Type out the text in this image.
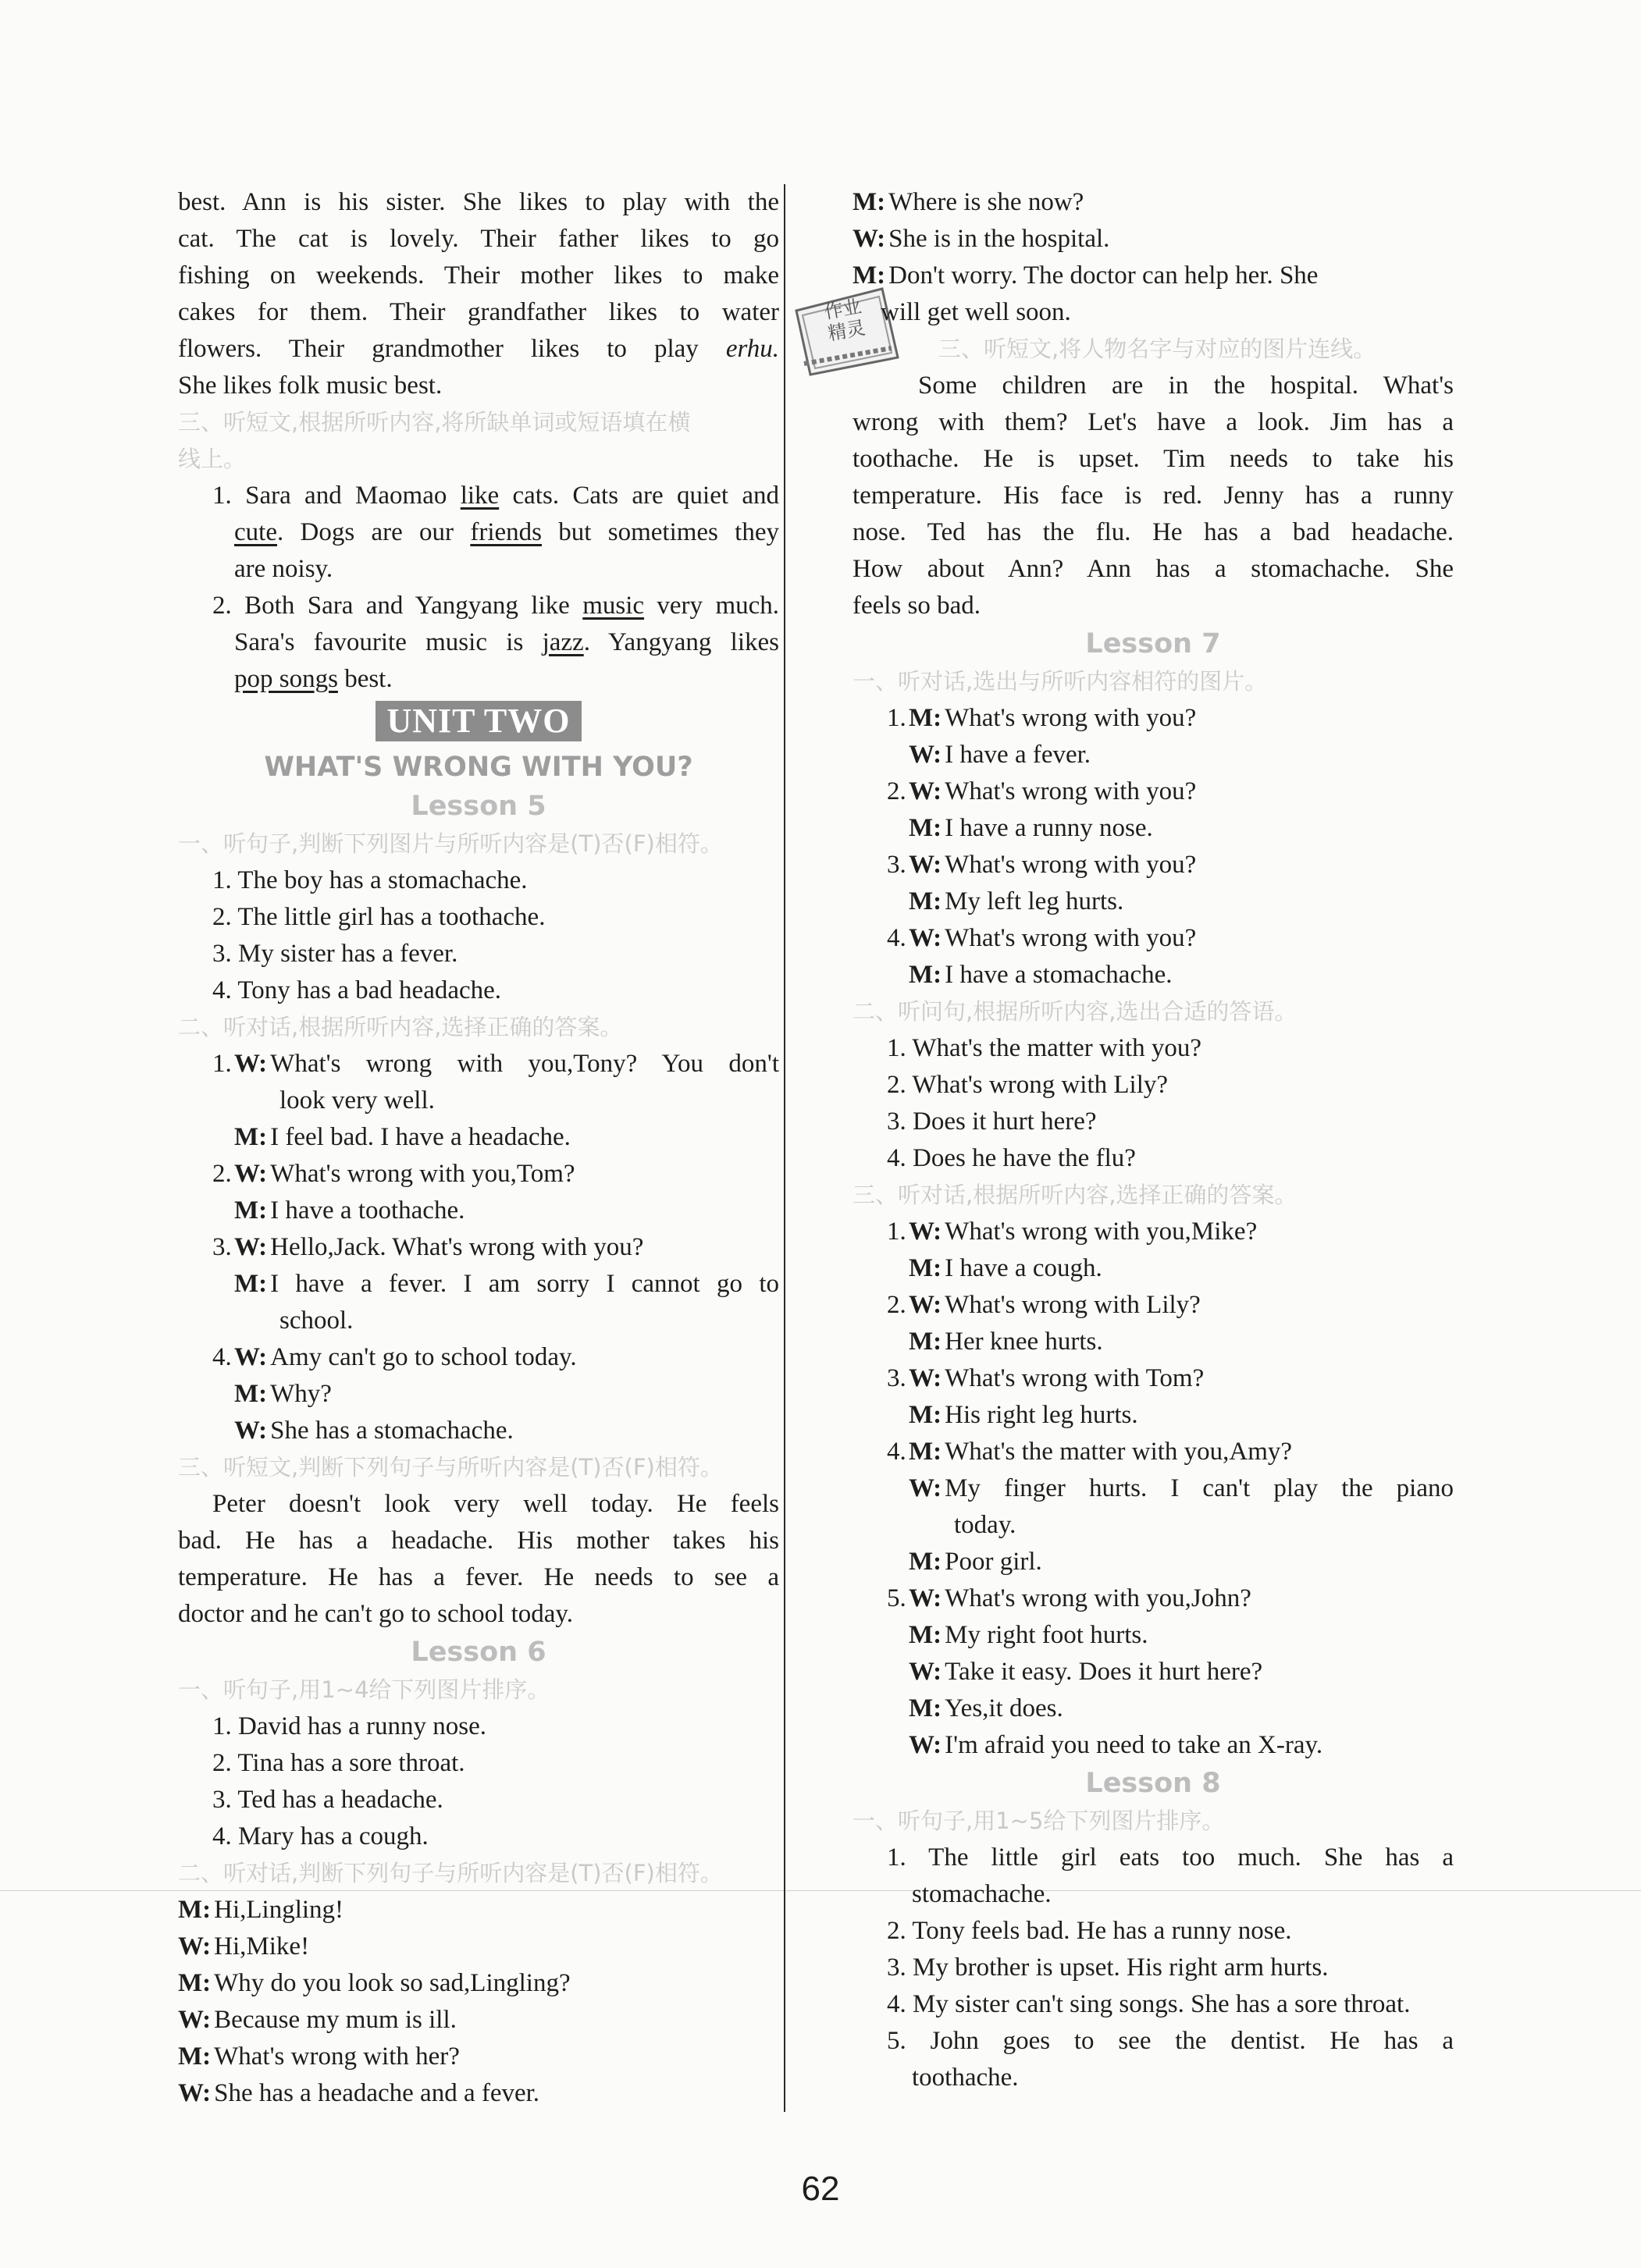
best. Ann is his sister. She likes to play with the
cat. The cat is lovely. Their father likes to go
fishing on weekends. Their mother likes to make
cakes for them. Their grandfather likes to water
flowers. Their grandmother likes to play erhu.
She likes folk music best.
三、听短文,根据所听内容,将所缺单词或短语填在横
线上。
1. Sara and Maomao like cats. Cats are quiet and
cute. Dogs are our friends but sometimes they
are noisy.
2. Both Sara and Yangyang like music very much.
Sara's favourite music is jazz. Yangyang likes
pop songs best.
UNIT TWO
WHAT'S WRONG WITH YOU?
Lesson 5
一、听句子,判断下列图片与所听内容是(T)否(F)相符。
1. The boy has a stomachache.
2. The little girl has a toothache.
3. My sister has a fever.
4. Tony has a bad headache.
二、听对话,根据所听内容,选择正确的答案。
1.W: What's wrong with you,Tony? You don't
look very well.
M: I feel bad. I have a headache.
2.W: What's wrong with you,Tom?
M: I have a toothache.
3.W: Hello,Jack. What's wrong with you?
M: I have a fever. I am sorry I cannot go to
school.
4.W: Amy can't go to school today.
M: Why?
W: She has a stomachache.
三、听短文,判断下列句子与所听内容是(T)否(F)相符。
Peter doesn't look very well today. He feels
bad. He has a headache. His mother takes his
temperature. He has a fever. He needs to see a
doctor and he can't go to school today.
Lesson 6
一、听句子,用1~4给下列图片排序。
1. David has a runny nose.
2. Tina has a sore throat.
3. Ted has a headache.
4. Mary has a cough.
二、听对话,判断下列句子与所听内容是(T)否(F)相符。
M: Hi,Lingling!
W: Hi,Mike!
M: Why do you look so sad,Lingling?
W: Because my mum is ill.
M: What's wrong with her?
W: She has a headache and a fever.
作业
精灵
M: Where is she now?
W: She is in the hospital.
M: Don't worry. The doctor can help her. She
will get well soon.
三、听短文,将人物名字与对应的图片连线。
Some children are in the hospital. What's
wrong with them? Let's have a look. Jim has a
toothache. He is upset. Tim needs to take his
temperature. His face is red. Jenny has a runny
nose. Ted has the flu. He has a bad headache.
How about Ann? Ann has a stomachache. She
feels so bad.
Lesson 7
一、听对话,选出与所听内容相符的图片。
1.M: What's wrong with you?
W: I have a fever.
2.W: What's wrong with you?
M: I have a runny nose.
3.W: What's wrong with you?
M: My left leg hurts.
4.W: What's wrong with you?
M: I have a stomachache.
二、听问句,根据所听内容,选出合适的答语。
1. What's the matter with you?
2. What's wrong with Lily?
3. Does it hurt here?
4. Does he have the flu?
三、听对话,根据所听内容,选择正确的答案。
1.W: What's wrong with you,Mike?
M: I have a cough.
2.W: What's wrong with Lily?
M: Her knee hurts.
3.W: What's wrong with Tom?
M: His right leg hurts.
4.M: What's the matter with you,Amy?
W: My finger hurts. I can't play the piano
today.
M: Poor girl.
5.W: What's wrong with you,John?
M: My right foot hurts.
W: Take it easy. Does it hurt here?
M: Yes,it does.
W: I'm afraid you need to take an X-ray.
Lesson 8
一、听句子,用1~5给下列图片排序。
1. The little girl eats too much. She has a
stomachache.
2. Tony feels bad. He has a runny nose.
3. My brother is upset. His right arm hurts.
4. My sister can't sing songs. She has a sore throat.
5. John goes to see the dentist. He has a
toothache.
62
